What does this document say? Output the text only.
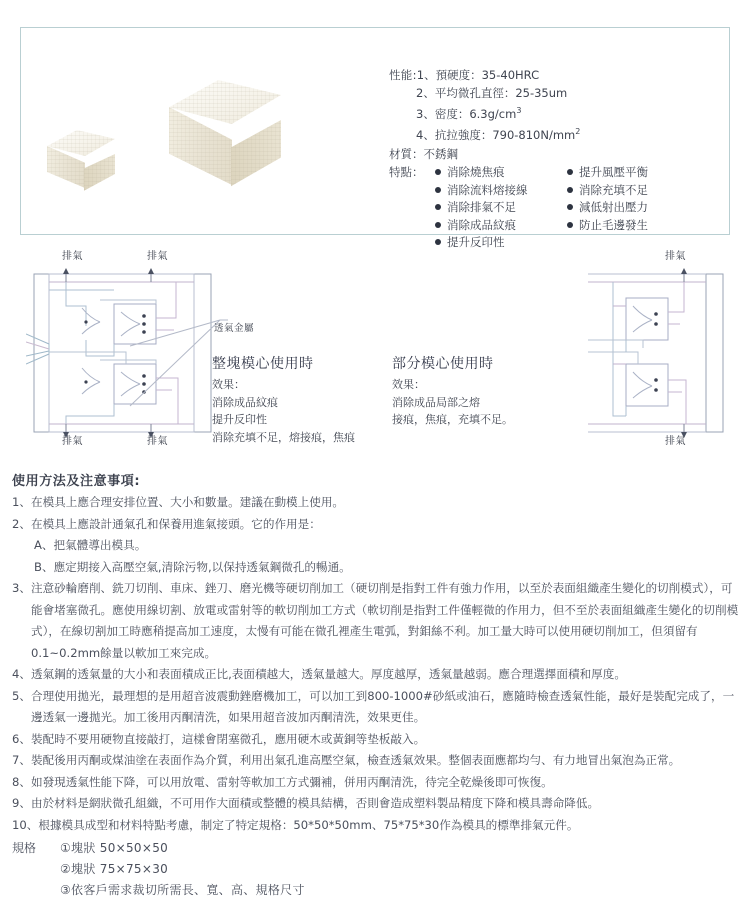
性能:1、預硬度：35-40HRC
2、平均微孔直徑：25-35um
3、密度：$6.3g/cm^3$
4、抗拉強度：$790-810N/mm^2$
材質：不銹鋼
特點：	消除燒焦痕
消除流料熔接線
消除排氣不足
消除成品紋痕
提升反印性
提升風壓平衡
消除充填不足
減低射出壓力
防止毛邊發生
排氣	排氣
排氣	排氣
排氣
排氣
透氣金屬
整塊模心使用時
效果：
消除成品紋痕
提升反印性
消除充填不足，熔接痕，焦痕
部分模心使用時
效果：
消除成品局部之熔
接痕，焦痕，充填不足。
使用方法及注意事項:
1、 在模具上應合理安排位置、大小和數量。建議在動模上使用。
2、 在模具上應設計通氣孔和保養用進氣接頭。它的作用是：
A、 把氣體導出模具。
B、 應定期接入高壓空氣,清除污物,以保持透氣鋼微孔的暢通。
3、 注意砂輪磨削、銑刀切削、車床、銼刀、磨光機等硬切削加工（硬切削是指對工件有強力作用，以至於表面組織產生變化的切削模式），可能會堵塞微孔。應使用線切割、放電或雷射等的軟切削加工方式（軟切削是指對工件僅輕微的作用力，但不至於表面組織產生變化的切削模式），在線切割加工時應稍提高加工速度，太慢有可能在微孔裡產生電弧，對鉬絲不利。加工量大時可以使用硬切削加工，但須留有0.1~0.2mm餘量以軟加工來完成。
4、 透氣鋼的透氣量的大小和表面積成正比,表面積越大，透氣量越大。厚度越厚，透氣量越弱。應合理選擇面積和厚度。
5、 合理使用拋光，最理想的是用超音波震動銼磨機加工，可以加工到800-1000#砂紙或油石，應隨時檢查透氣性能，最好是裝配完成了，一邊透氣一邊拋光。加工後用丙酮清洗，如果用超音波加丙酮清洗，效果更佳。
6、 裝配時不要用硬物直接敲打，這樣會閉塞微孔，應用硬木或黃銅等垫板敲入。
7、 裝配後用丙酮或煤油塗在表面作為介質，利用出氣孔進高壓空氣，檢查透氣效果。整個表面應都均勻、有力地冒出氣泡為正常。
8、 如發現透氣性能下降，可以用放電、雷射等軟加工方式彌補，併用丙酮清洗，待完全乾燥後即可恢復。
9、 由於材料是網狀微孔組織，不可用作大面積或整體的模具結構，否則會造成塑料製品精度下降和模具壽命降低。
10、 根據模具成型和材料特點考慮，制定了特定規格：50*50*50mm、75*75*30作為模具的標準排氣元件。
規格	①塊狀 50×50×50
②塊狀 75×75×30
③依客戶需求裁切所需長、寬、高、規格尺寸
